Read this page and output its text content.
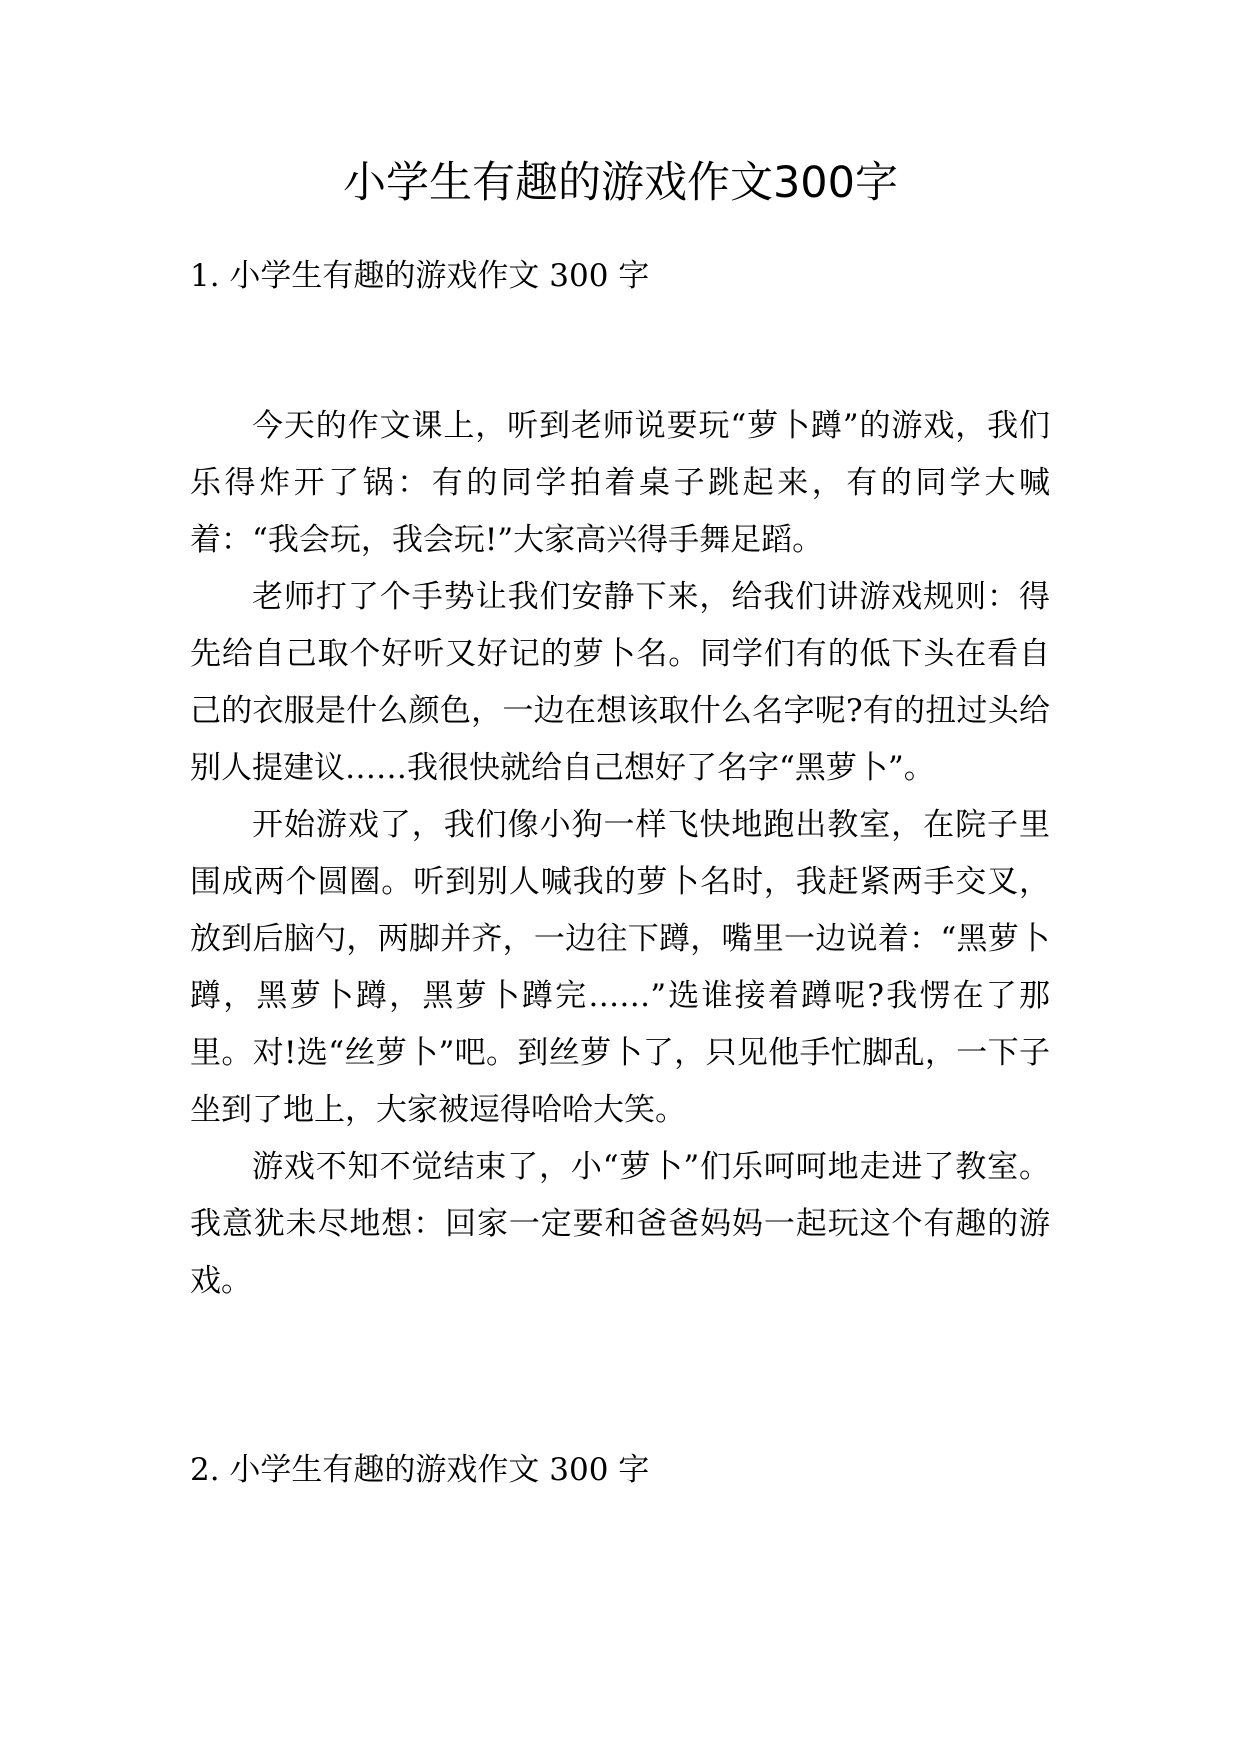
小学生有趣的游戏作文300字
1. 小学生有趣的游戏作文 300 字

今天的作文课上，听到老师说要玩“萝卜蹲”的游戏，我们乐得炸开了锅：有的同学拍着桌子跳起来，有的同学大喊着：“我会玩，我会玩!”大家高兴得手舞足蹈。

老师打了个手势让我们安静下来，给我们讲游戏规则：得先给自己取个好听又好记的萝卜名。同学们有的低下头在看自己的衣服是什么颜色，一边在想该取什么名字呢?有的扭过头给别人提建议……我很快就给自己想好了名字“黑萝卜”。

开始游戏了，我们像小狗一样飞快地跑出教室，在院子里围成两个圆圈。听到别人喊我的萝卜名时，我赶紧两手交叉，放到后脑勺，两脚并齐，一边往下蹲，嘴里一边说着：“黑萝卜蹲，黑萝卜蹲，黑萝卜蹲完……”选谁接着蹲呢?我愣在了那里。对!选“丝萝卜”吧。到丝萝卜了，只见他手忙脚乱，一下子坐到了地上，大家被逗得哈哈大笑。

游戏不知不觉结束了，小“萝卜”们乐呵呵地走进了教室。我意犹未尽地想：回家一定要和爸爸妈妈一起玩这个有趣的游戏。

2. 小学生有趣的游戏作文 300 字
